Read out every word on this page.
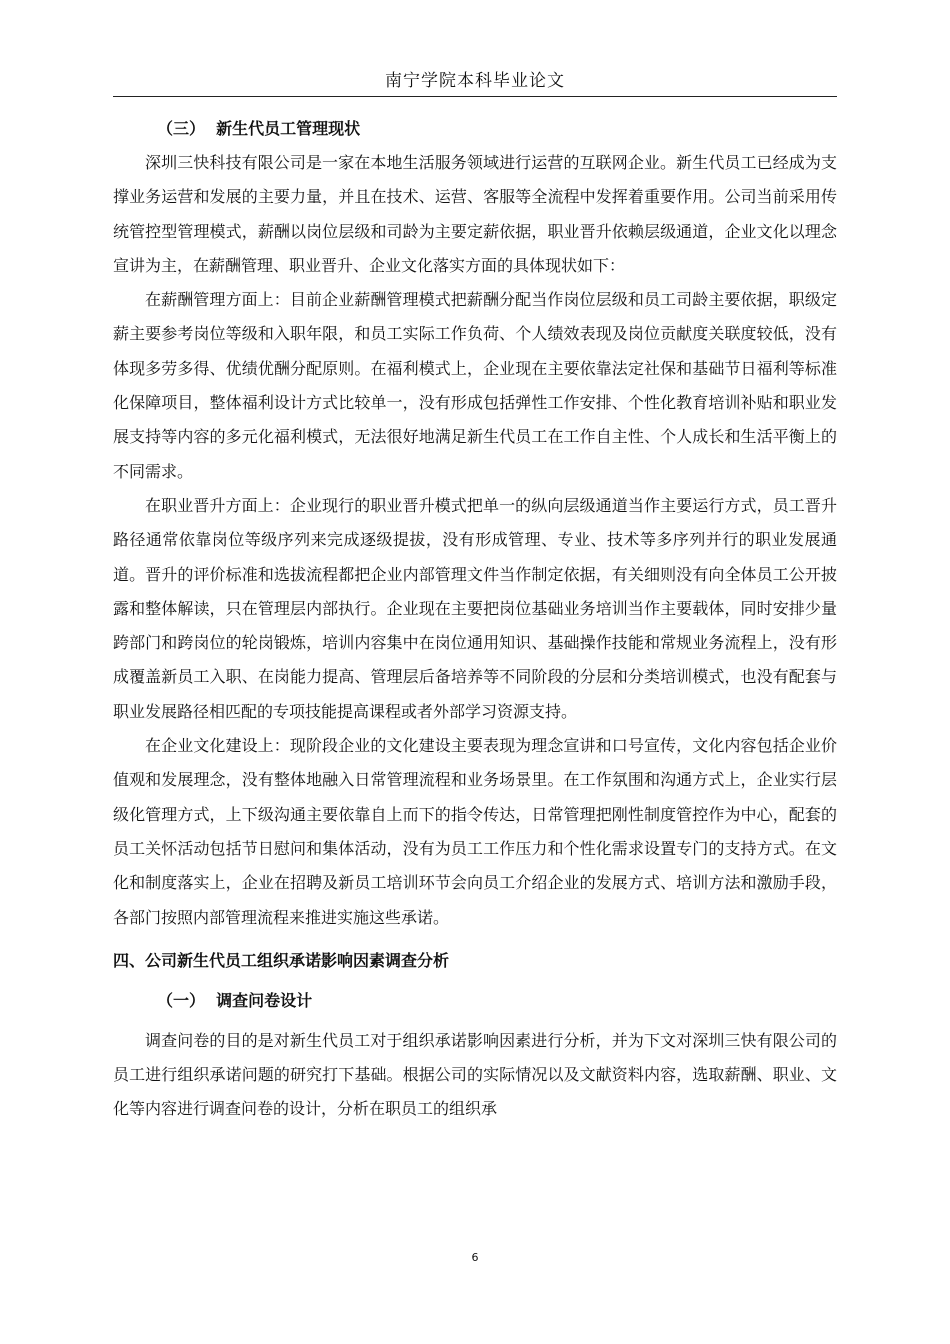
南宁学院本科毕业论文

（三）  新生代员工管理现状

深圳三快科技有限公司是一家在本地生活服务领域进行运营的互联网企业。新生代员工已经成为支撑业务运营和发展的主要力量，并且在技术、运营、客服等全流程中发挥着重要作用。公司当前采用传统管控型管理模式，薪酬以岗位层级和司龄为主要定薪依据，职业晋升依赖层级通道，企业文化以理念宣讲为主，在薪酬管理、职业晋升、企业文化落实方面的具体现状如下：

在薪酬管理方面上：目前企业薪酬管理模式把薪酬分配当作岗位层级和员工司龄主要依据，职级定薪主要参考岗位等级和入职年限，和员工实际工作负荷、个人绩效表现及岗位贡献度关联度较低，没有体现多劳多得、优绩优酬分配原则。在福利模式上，企业现在主要依靠法定社保和基础节日福利等标准化保障项目，整体福利设计方式比较单一，没有形成包括弹性工作安排、个性化教育培训补贴和职业发展支持等内容的多元化福利模式，无法很好地满足新生代员工在工作自主性、个人成长和生活平衡上的不同需求。

在职业晋升方面上：企业现行的职业晋升模式把单一的纵向层级通道当作主要运行方式，员工晋升路径通常依靠岗位等级序列来完成逐级提拔，没有形成管理、专业、技术等多序列并行的职业发展通道。晋升的评价标准和选拔流程都把企业内部管理文件当作制定依据，有关细则没有向全体员工公开披露和整体解读，只在管理层内部执行。企业现在主要把岗位基础业务培训当作主要载体，同时安排少量跨部门和跨岗位的轮岗锻炼，培训内容集中在岗位通用知识、基础操作技能和常规业务流程上，没有形成覆盖新员工入职、在岗能力提高、管理层后备培养等不同阶段的分层和分类培训模式，也没有配套与职业发展路径相匹配的专项技能提高课程或者外部学习资源支持。

在企业文化建设上：现阶段企业的文化建设主要表现为理念宣讲和口号宣传，文化内容包括企业价值观和发展理念，没有整体地融入日常管理流程和业务场景里。在工作氛围和沟通方式上，企业实行层级化管理方式，上下级沟通主要依靠自上而下的指令传达，日常管理把刚性制度管控作为中心，配套的员工关怀活动包括节日慰问和集体活动，没有为员工工作压力和个性化需求设置专门的支持方式。在文化和制度落实上，企业在招聘及新员工培训环节会向员工介绍企业的发展方式、培训方法和激励手段，各部门按照内部管理流程来推进实施这些承诺。

四、公司新生代员工组织承诺影响因素调查分析

（一）  调查问卷设计

调查问卷的目的是对新生代员工对于组织承诺影响因素进行分析，并为下文对深圳三快有限公司的员工进行组织承诺问题的研究打下基础。根据公司的实际情况以及文献资料内容，选取薪酬、职业、文化等内容进行调查问卷的设计，分析在职员工的组织承

6
